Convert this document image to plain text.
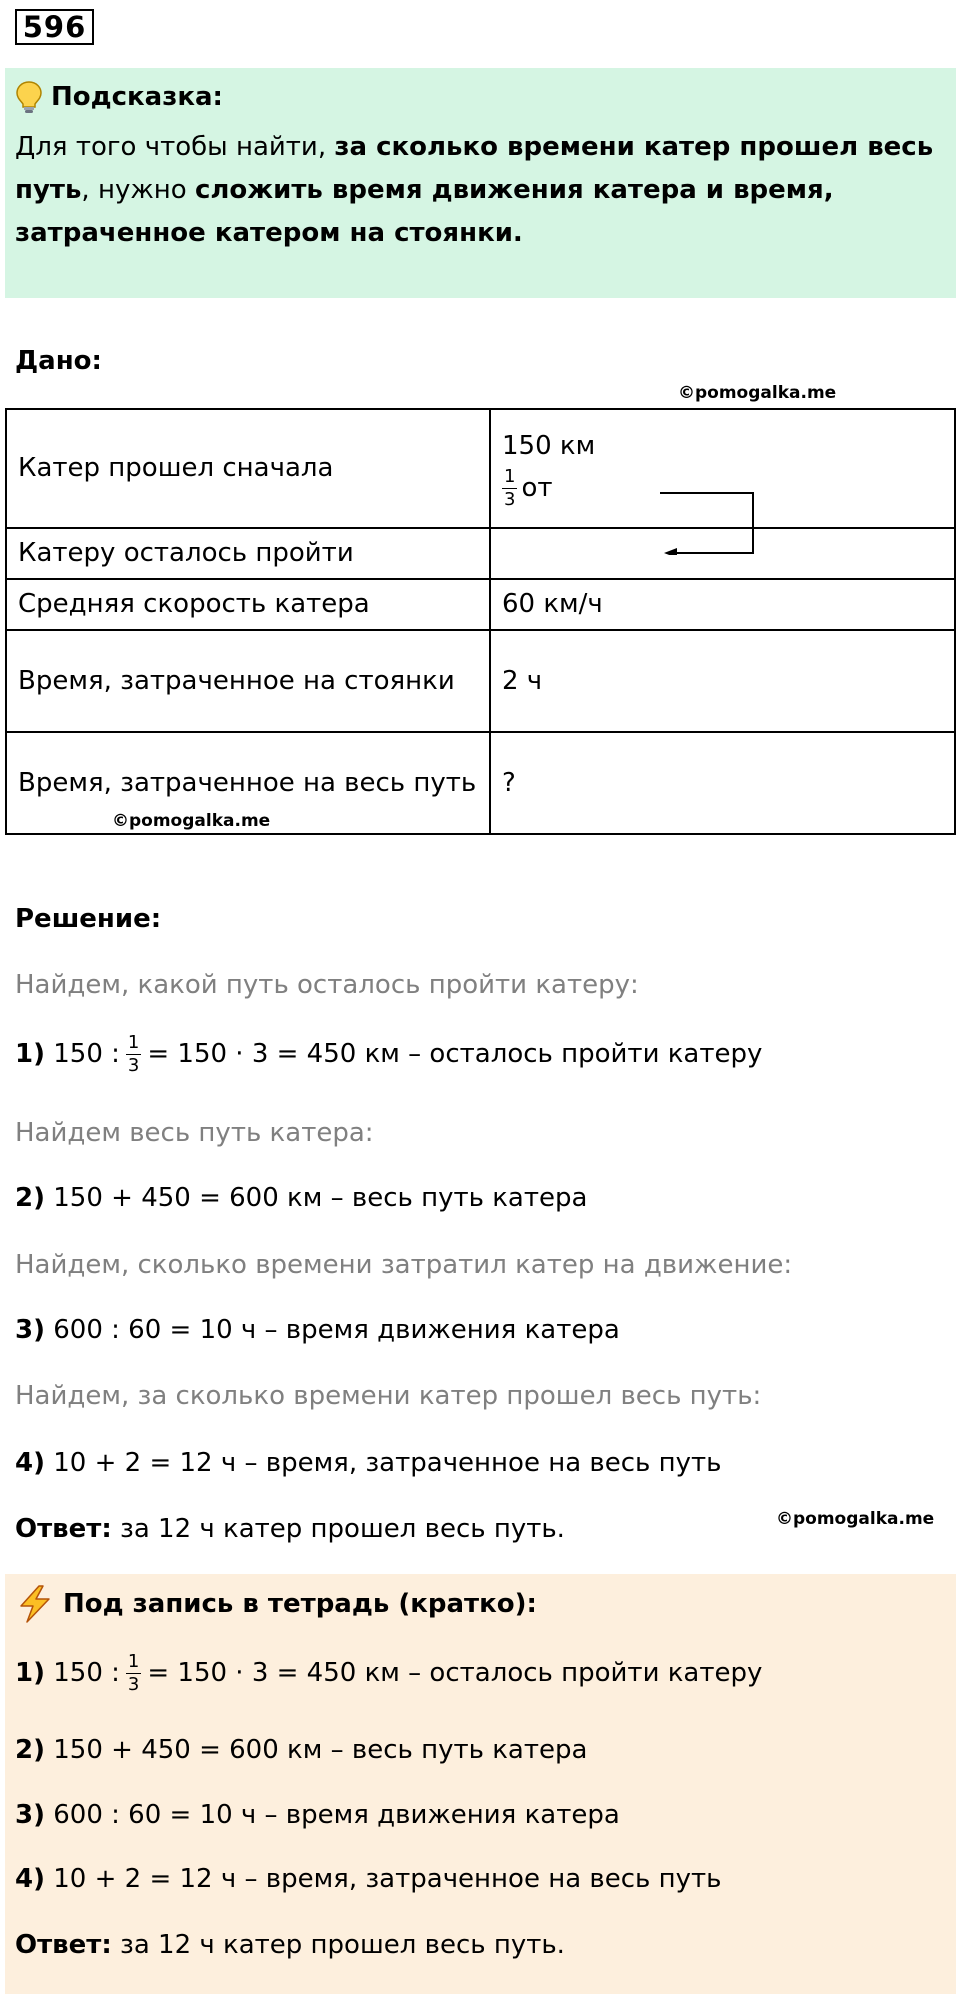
596
Подсказка:
Для того чтобы найти, за сколько времени катер прошел весь путь, нужно сложить время движения катера и время, затраченное катером на стоянки.
Дано:
©pomogalka.me
Катер прошел сначала	150 км
$\frac{1}{3}$ от

Катеру осталось пройти	
Средняя скорость катера	60 км/ч
Время, затраченное на стоянки	2 ч
Время, затраченное на весь путь	?
©pomogalka.me
Решение:
Найдем, какой путь осталось пройти катеру:
1) 150 : $\frac{1}{3} = 150 \cdot 3 = 450$ км – осталось пройти катеру
Найдем весь путь катера:
2) 150 + 450 = 600 км – весь путь катера
Найдем, сколько времени затратил катер на движение:
3) 600 : 60 = 10 ч – время движения катера
Найдем, за сколько времени катер прошел весь путь:
4) 10 + 2 = 12 ч – время, затраченное на весь путь
Ответ: за 12 ч катер прошел весь путь.	©pomogalka.me
Под запись в тетрадь (кратко):
1) 150 : $\frac{1}{3} = 150 \cdot 3 = 450$ км – осталось пройти катеру
2) 150 + 450 = 600 км – весь путь катера
3) 600 : 60 = 10 ч – время движения катера
4) 10 + 2 = 12 ч – время, затраченное на весь путь
Ответ: за 12 ч катер прошел весь путь.
